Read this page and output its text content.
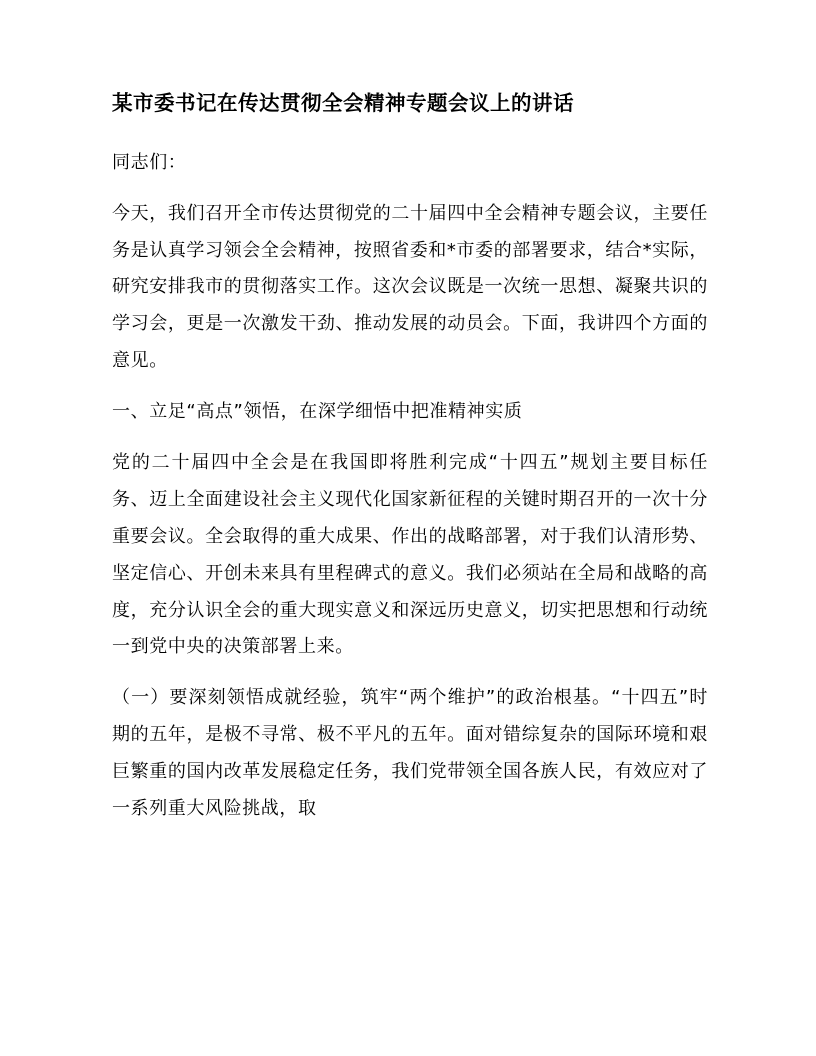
某市委书记在传达贯彻全会精神专题会议上的讲话

同志们：

今天，我们召开全市传达贯彻党的二十届四中全会精神专题会议，主要任务是认真学习领会全会精神，按照省委和*市委的部署要求，结合*实际，研究安排我市的贯彻落实工作。这次会议既是一次统一思想、凝聚共识的学习会，更是一次激发干劲、推动发展的动员会。下面，我讲四个方面的意见。

一、立足“高点”领悟，在深学细悟中把准精神实质

党的二十届四中全会是在我国即将胜利完成“十四五”规划主要目标任务、迈上全面建设社会主义现代化国家新征程的关键时期召开的一次十分重要会议。全会取得的重大成果、作出的战略部署，对于我们认清形势、坚定信心、开创未来具有里程碑式的意义。我们必须站在全局和战略的高度，充分认识全会的重大现实意义和深远历史意义，切实把思想和行动统一到党中央的决策部署上来。

（一）要深刻领悟成就经验，筑牢“两个维护”的政治根基。“十四五”时期的五年，是极不寻常、极不平凡的五年。面对错综复杂的国际环境和艰巨繁重的国内改革发展稳定任务，我们党带领全国各族人民，有效应对了一系列重大风险挑战，取
